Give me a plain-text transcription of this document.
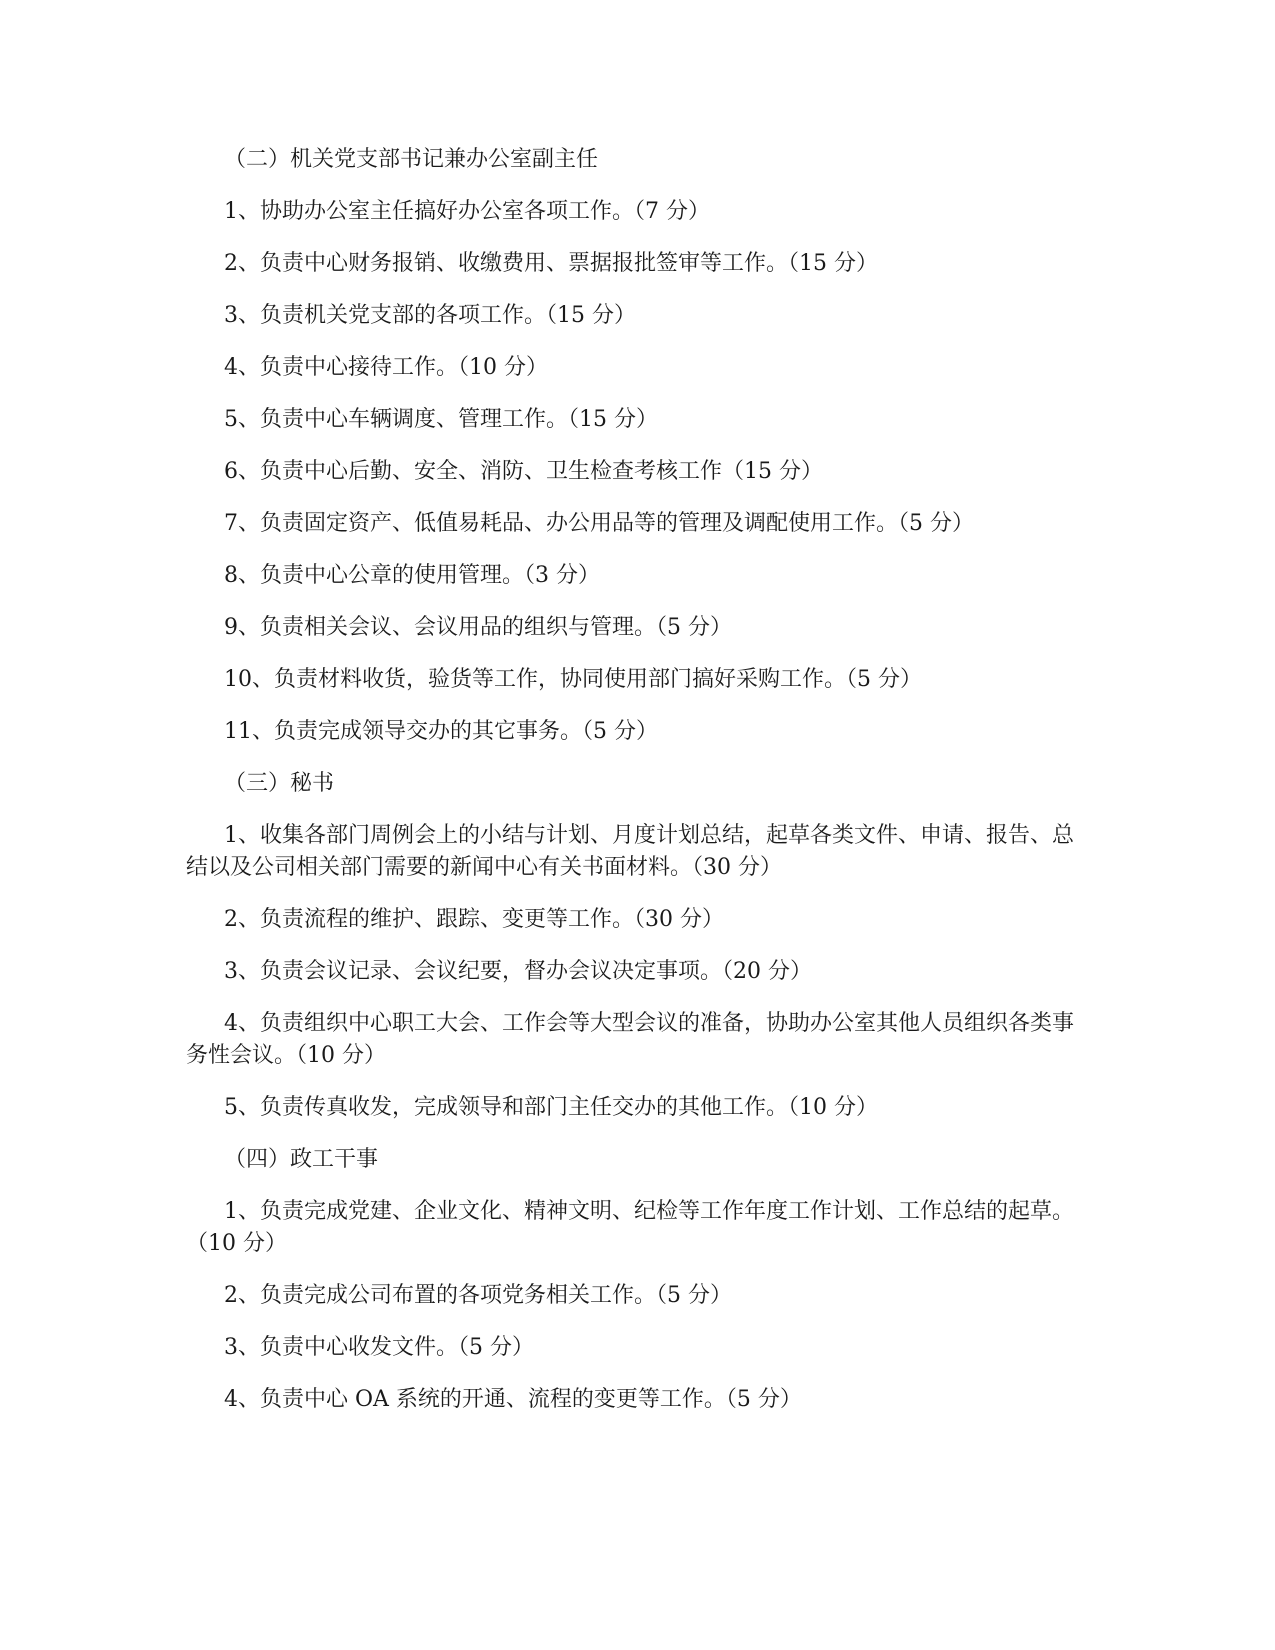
（二）机关党支部书记兼办公室副主任

1、协助办公室主任搞好办公室各项工作。（7 分）

2、负责中心财务报销、收缴费用、票据报批签审等工作。（15 分）

3、负责机关党支部的各项工作。（15 分）

4、负责中心接待工作。（10 分）

5、负责中心车辆调度、管理工作。（15 分）

6、负责中心后勤、安全、消防、卫生检查考核工作（15 分）

7、负责固定资产、低值易耗品、办公用品等的管理及调配使用工作。（5 分）

8、负责中心公章的使用管理。（3 分）

9、负责相关会议、会议用品的组织与管理。（5 分）

10、负责材料收货，验货等工作，协同使用部门搞好采购工作。（5 分）

11、负责完成领导交办的其它事务。（5 分）

（三）秘书

1、收集各部门周例会上的小结与计划、月度计划总结，起草各类文件、申请、报告、总结以及公司相关部门需要的新闻中心有关书面材料。（30 分）

2、负责流程的维护、跟踪、变更等工作。（30 分）

3、负责会议记录、会议纪要，督办会议决定事项。（20 分）

4、负责组织中心职工大会、工作会等大型会议的准备，协助办公室其他人员组织各类事务性会议。（10 分）

5、负责传真收发，完成领导和部门主任交办的其他工作。（10 分）

（四）政工干事

1、负责完成党建、企业文化、精神文明、纪检等工作年度工作计划、工作总结的起草。（10 分）

2、负责完成公司布置的各项党务相关工作。（5 分）

3、负责中心收发文件。（5 分）

4、负责中心 OA 系统的开通、流程的变更等工作。（5 分）
